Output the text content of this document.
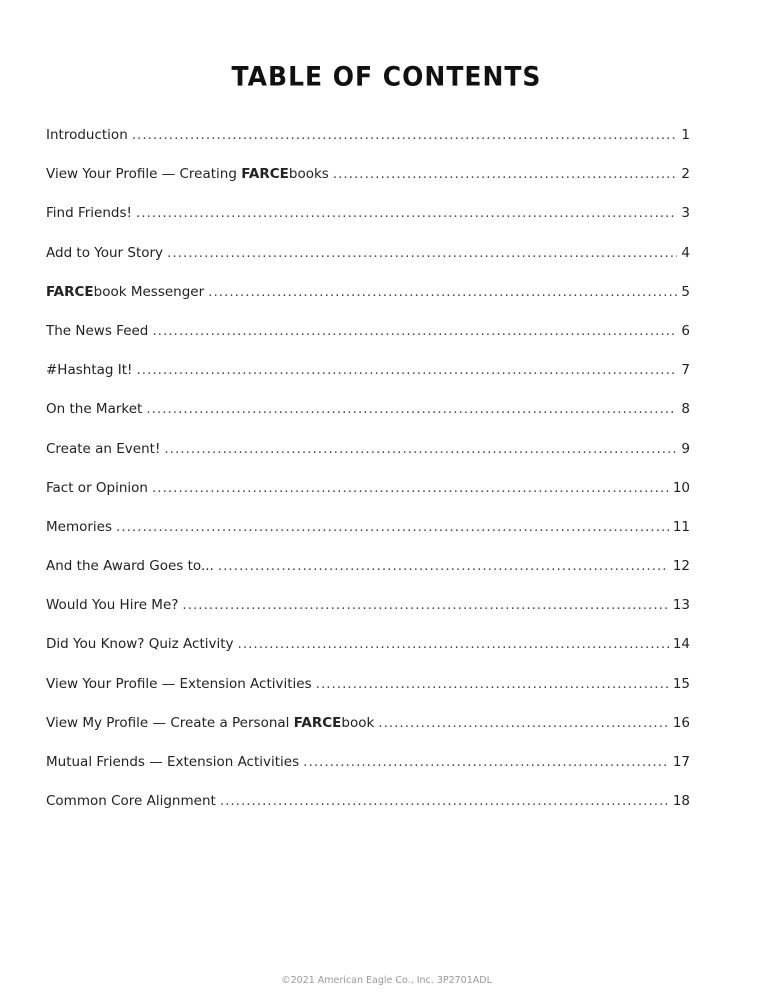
TABLE OF CONTENTS
Introduction .....	1
View Your Profile — Creating FARCEbooks .....	2
Find Friends! .....	3
Add to Your Story .....	4
FARCEbook Messenger .....	5
The News Feed .....	6
#Hashtag It! .....	7
On the Market .....	8
Create an Event! .....	9
Fact or Opinion .....	10
Memories .....	11
And the Award Goes to... .....	12
Would You Hire Me? .....	13
Did You Know? Quiz Activity .....	14
View Your Profile — Extension Activities .....	15
View My Profile — Create a Personal FARCEbook .....	16
Mutual Friends — Extension Activities .....	17
Common Core Alignment .....	18
©2021 American Eagle Co., Inc. 3P2701ADL
